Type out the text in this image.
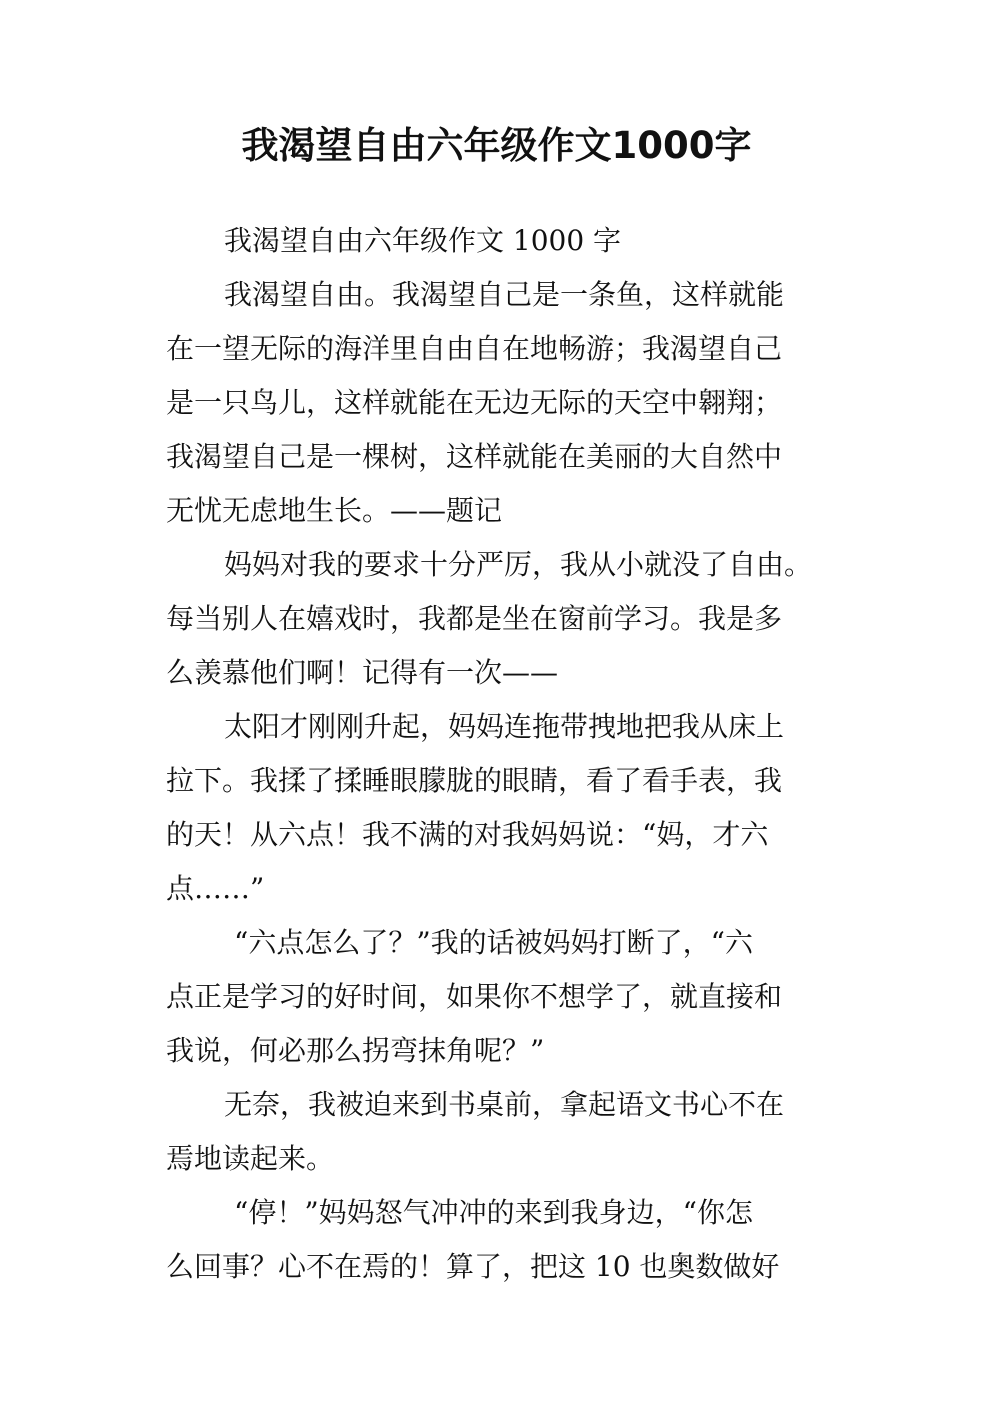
我渴望自由六年级作文1000字
我渴望自由六年级作文 1000 字
我渴望自由。我渴望自己是一条鱼，这样就能
在一望无际的海洋里自由自在地畅游；我渴望自己
是一只鸟儿，这样就能在无边无际的天空中翱翔；
我渴望自己是一棵树，这样就能在美丽的大自然中
无忧无虑地生长。——题记
妈妈对我的要求十分严厉，我从小就没了自由。
每当别人在嬉戏时，我都是坐在窗前学习。我是多
么羡慕他们啊！记得有一次——
太阳才刚刚升起，妈妈连拖带拽地把我从床上
拉下。我揉了揉睡眼朦胧的眼睛，看了看手表，我
的天！从六点！我不满的对我妈妈说：“妈，才六
点……”
“六点怎么了？”我的话被妈妈打断了，“六
点正是学习的好时间，如果你不想学了，就直接和
我说，何必那么拐弯抹角呢？”
无奈，我被迫来到书桌前，拿起语文书心不在
焉地读起来。
“停！”妈妈怒气冲冲的来到我身边，“你怎
么回事？心不在焉的！算了，把这 10 也奥数做好
